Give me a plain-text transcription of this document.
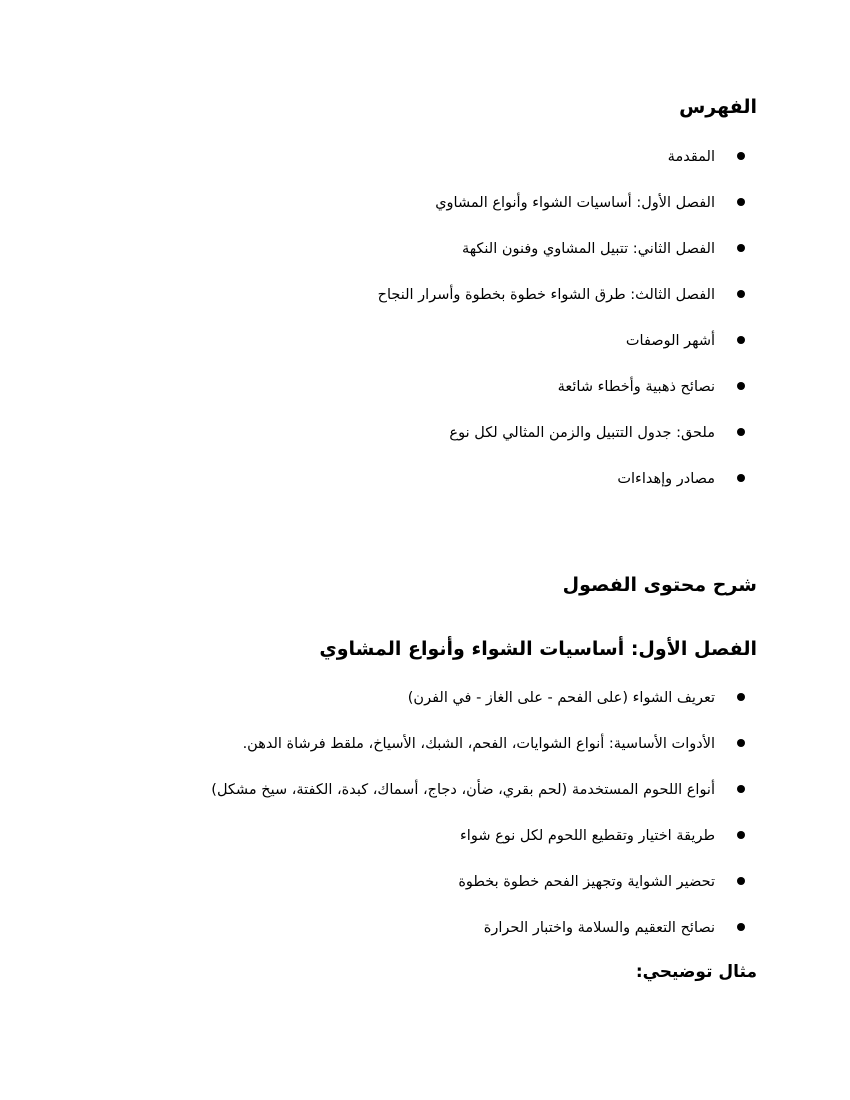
الفهرس
المقدمة
الفصل الأول: أساسيات الشواء وأنواع المشاوي
الفصل الثاني: تتبيل المشاوي وفنون النكهة
الفصل الثالث: طرق الشواء خطوة بخطوة وأسرار النجاح
أشهر الوصفات
نصائح ذهبية وأخطاء شائعة
ملحق: جدول التتبيل والزمن المثالي لكل نوع
مصادر وإهداءات
شرح محتوى الفصول
الفصل الأول: أساسيات الشواء وأنواع المشاوي
تعريف الشواء (على الفحم - على الغاز - في الفرن)
الأدوات الأساسية: أنواع الشوايات، الفحم، الشبك، الأسياخ، ملقط فرشاة الدهن.
أنواع اللحوم المستخدمة (لحم بقري، ضأن، دجاج، أسماك، كبدة، الكفتة، سيخ مشكل)
طريقة اختيار وتقطيع اللحوم لكل نوع شواء
تحضير الشواية وتجهيز الفحم خطوة بخطوة
نصائح التعقيم والسلامة واختبار الحرارة
مثال توضيحي:
